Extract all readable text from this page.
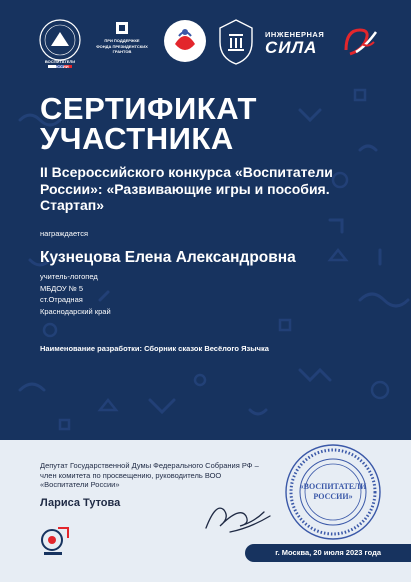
ВОСПИТАТЕЛИ РОССИИ
ПРИ ПОДДЕРЖКЕ
ФОНДА ПРЕЗИДЕНТСКИХ ГРАНТОВ
ИНЖЕНЕРНАЯ
СИЛА
СЕРТИФИКАТ
УЧАСТНИКА

II Всероссийского конкурса «Воспитатели России»: «Развивающие игры и пособия. Стартап»

награждается
Кузнецова Елена Александровна
учитель-логопед
МБДОУ № 5
ст.Отрадная
Краснодарский край
Наименование разработки: Сборник сказок Весёлого Язычка
Депутат Государственной Думы Федерального Собрания РФ – член комитета по просвещению, руководитель ВОО «Воспитатели России»
Лариса Тутова
«ВОСПИТАТЕЛИ
РОССИИ»
г. Москва, 20 июля 2023 года
